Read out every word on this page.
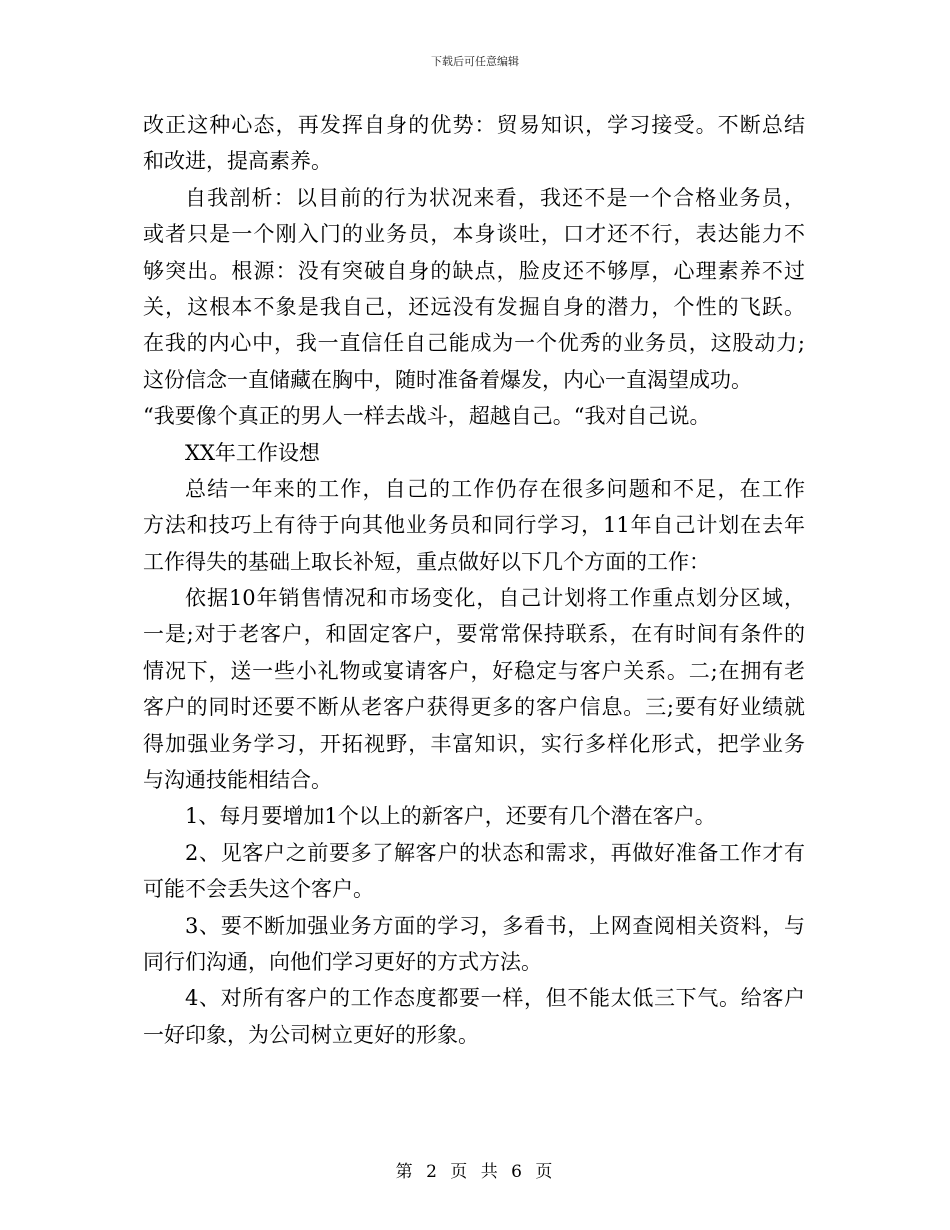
下载后可任意编辑
改正这种心态，再发挥自身的优势：贸易知识，学习接受。不断总结
和改进，提高素养。
自我剖析：以目前的行为状况来看，我还不是一个合格业务员，
或者只是一个刚入门的业务员，本身谈吐，口才还不行，表达能力不
够突出。根源：没有突破自身的缺点，脸皮还不够厚，心理素养不过
关，这根本不象是我自己，还远没有发掘自身的潜力，个性的飞跃。
在我的内心中，我一直信任自己能成为一个优秀的业务员，这股动力;
这份信念一直储藏在胸中，随时准备着爆发，内心一直渴望成功。
“我要像个真正的男人一样去战斗，超越自己。“我对自己说。
XX年工作设想
总结一年来的工作，自己的工作仍存在很多问题和不足，在工作
方法和技巧上有待于向其他业务员和同行学习，11年自己计划在去年
工作得失的基础上取长补短，重点做好以下几个方面的工作：
依据10年销售情况和市场变化，自己计划将工作重点划分区域，
一是;对于老客户，和固定客户，要常常保持联系，在有时间有条件的
情况下，送一些小礼物或宴请客户，好稳定与客户关系。二;在拥有老
客户的同时还要不断从老客户获得更多的客户信息。三;要有好业绩就
得加强业务学习，开拓视野，丰富知识，实行多样化形式，把学业务
与沟通技能相结合。
1、每月要增加1个以上的新客户，还要有几个潜在客户。
2、见客户之前要多了解客户的状态和需求，再做好准备工作才有
可能不会丢失这个客户。
3、要不断加强业务方面的学习，多看书，上网查阅相关资料，与
同行们沟通，向他们学习更好的方式方法。
4、对所有客户的工作态度都要一样，但不能太低三下气。给客户
一好印象，为公司树立更好的形象。
第 2 页 共 6 页
